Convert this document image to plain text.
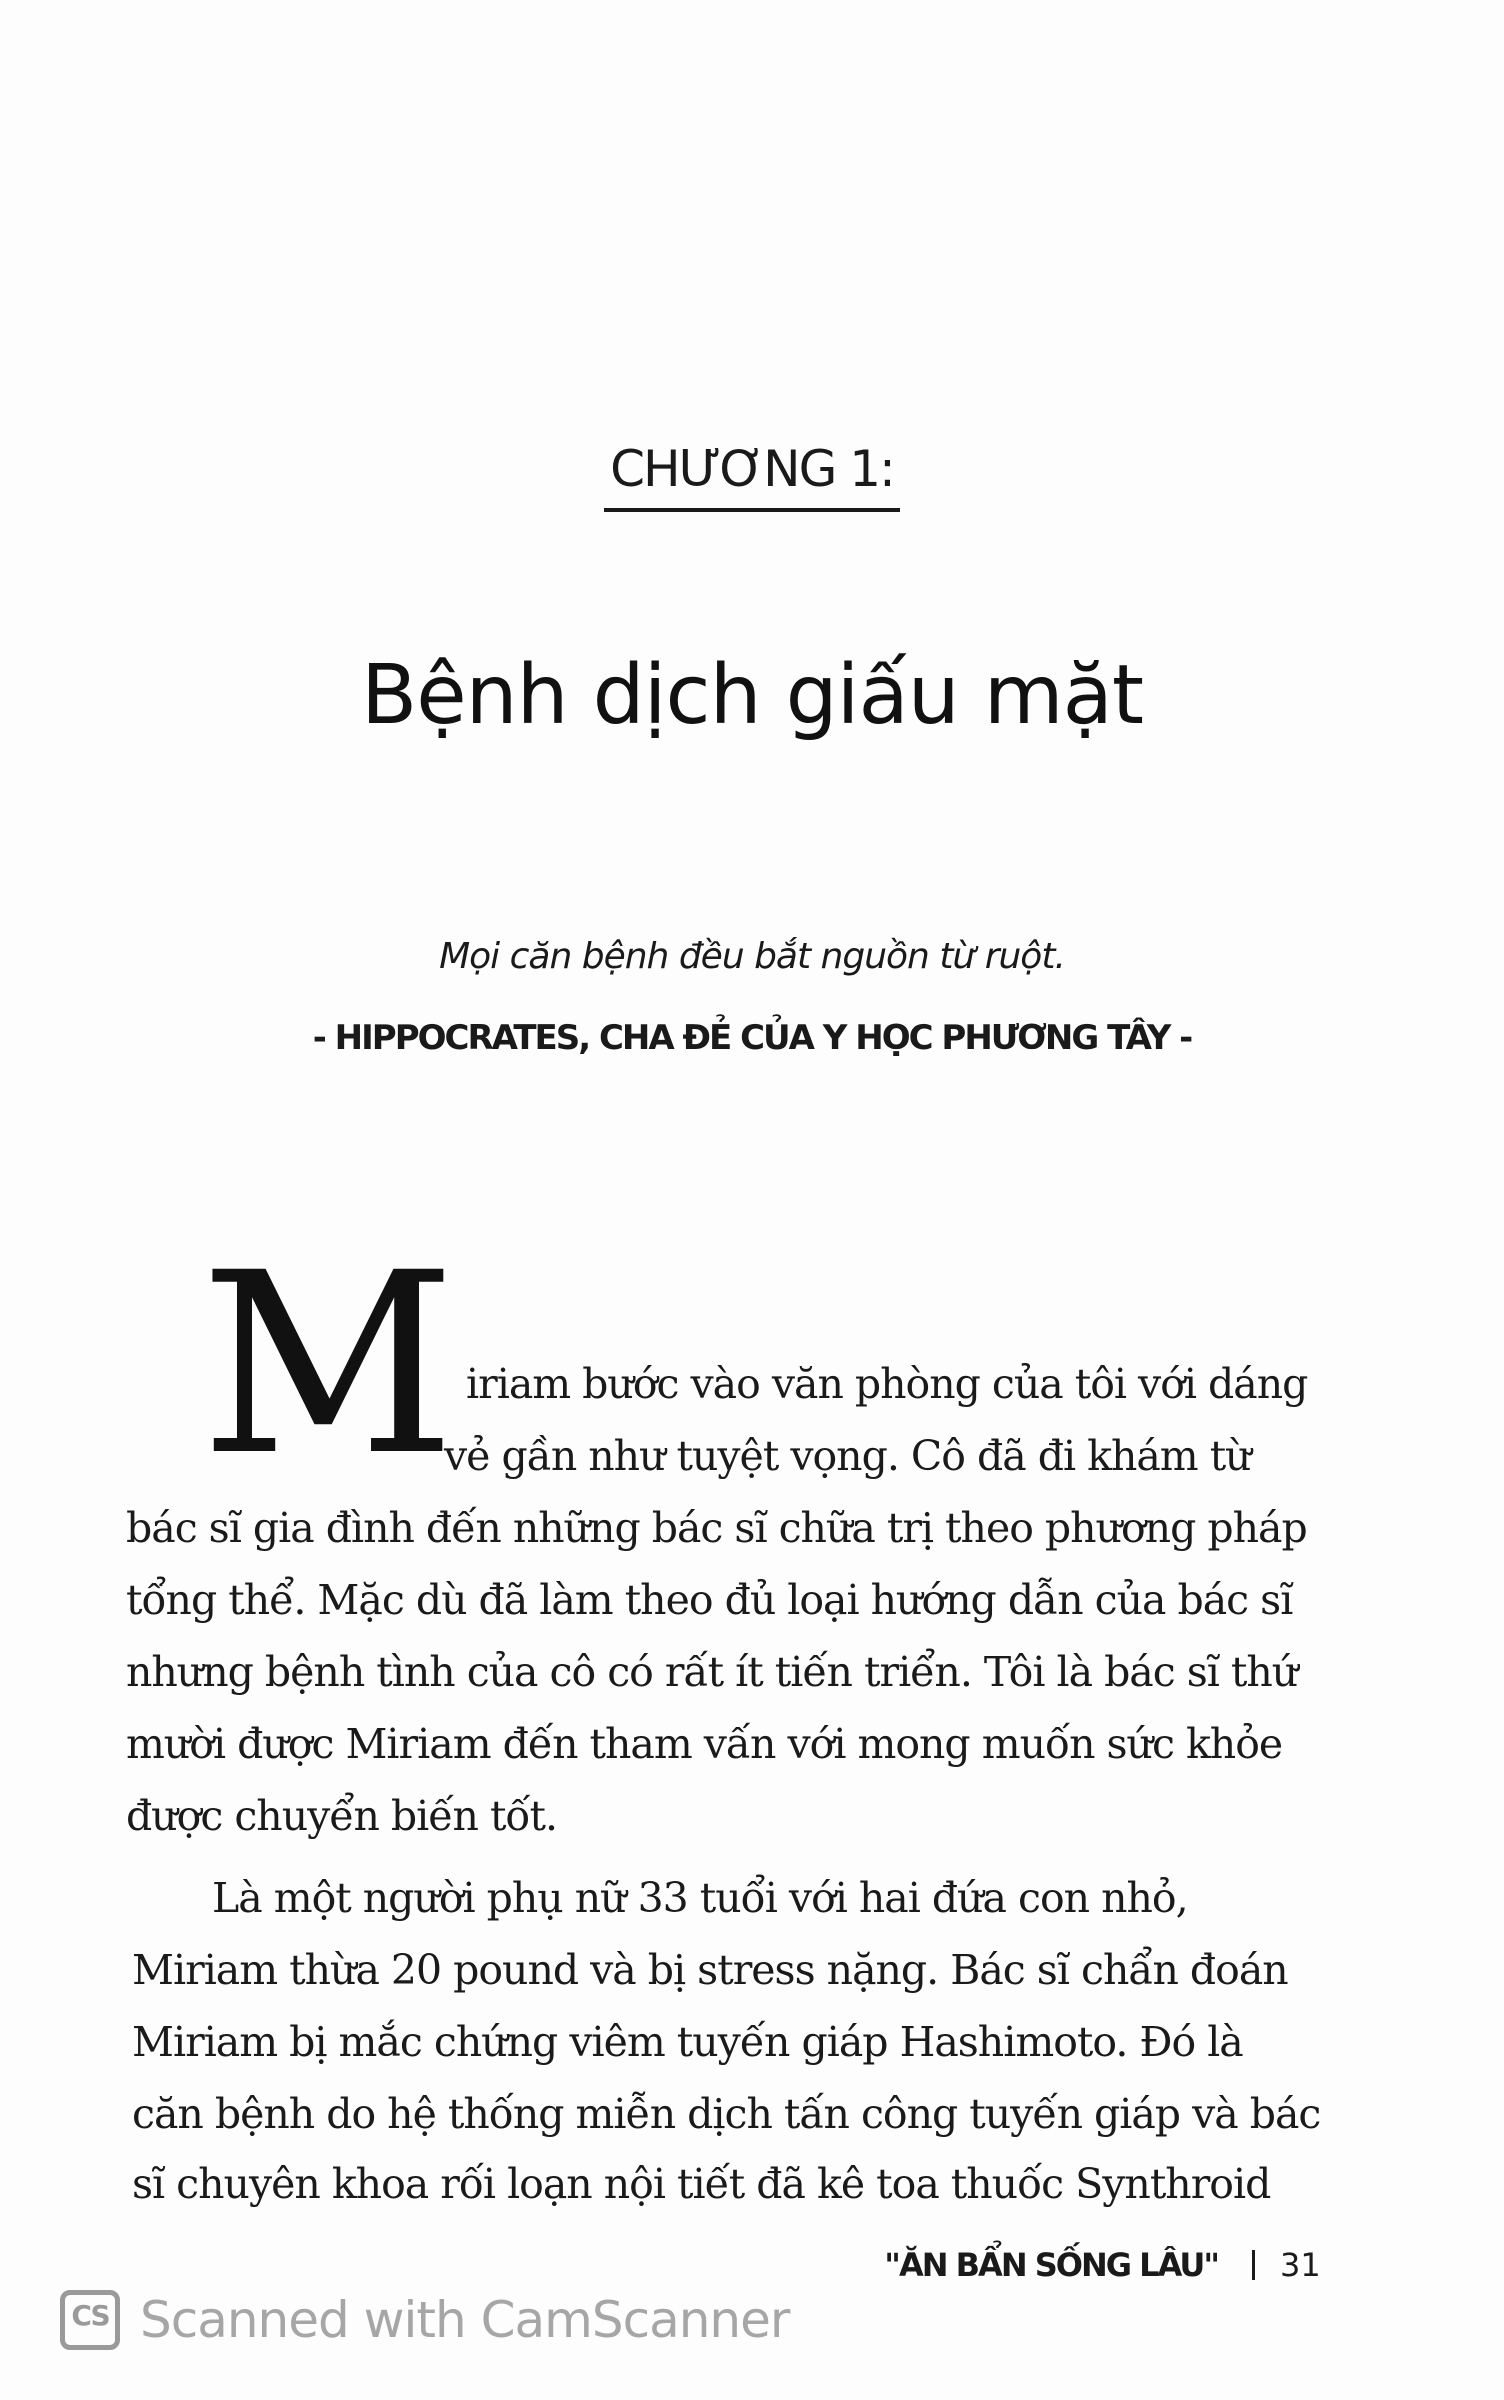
CHƯƠNG 1:
Bệnh dịch giấu mặt
Mọi căn bệnh đều bắt nguồn từ ruột.
- HIPPOCRATES, CHA ĐẺ CỦA Y HỌC PHƯƠNG TÂY -
M iriam bước vào văn phòng của tôi với dáng
vẻ gần như tuyệt vọng. Cô đã đi khám từ
bác sĩ gia đình đến những bác sĩ chữa trị theo phương pháp
tổng thể. Mặc dù đã làm theo đủ loại hướng dẫn của bác sĩ
nhưng bệnh tình của cô có rất ít tiến triển. Tôi là bác sĩ thứ
mười được Miriam đến tham vấn với mong muốn sức khỏe
được chuyển biến tốt.
Là một người phụ nữ 33 tuổi với hai đứa con nhỏ,
Miriam thừa 20 pound và bị stress nặng. Bác sĩ chẩn đoán
Miriam bị mắc chứng viêm tuyến giáp Hashimoto. Đó là
căn bệnh do hệ thống miễn dịch tấn công tuyến giáp và bác
sĩ chuyên khoa rối loạn nội tiết đã kê toa thuốc Synthroid
"ĂN BẨN SỐNG LÂU" 31
CS Scanned with CamScanner
